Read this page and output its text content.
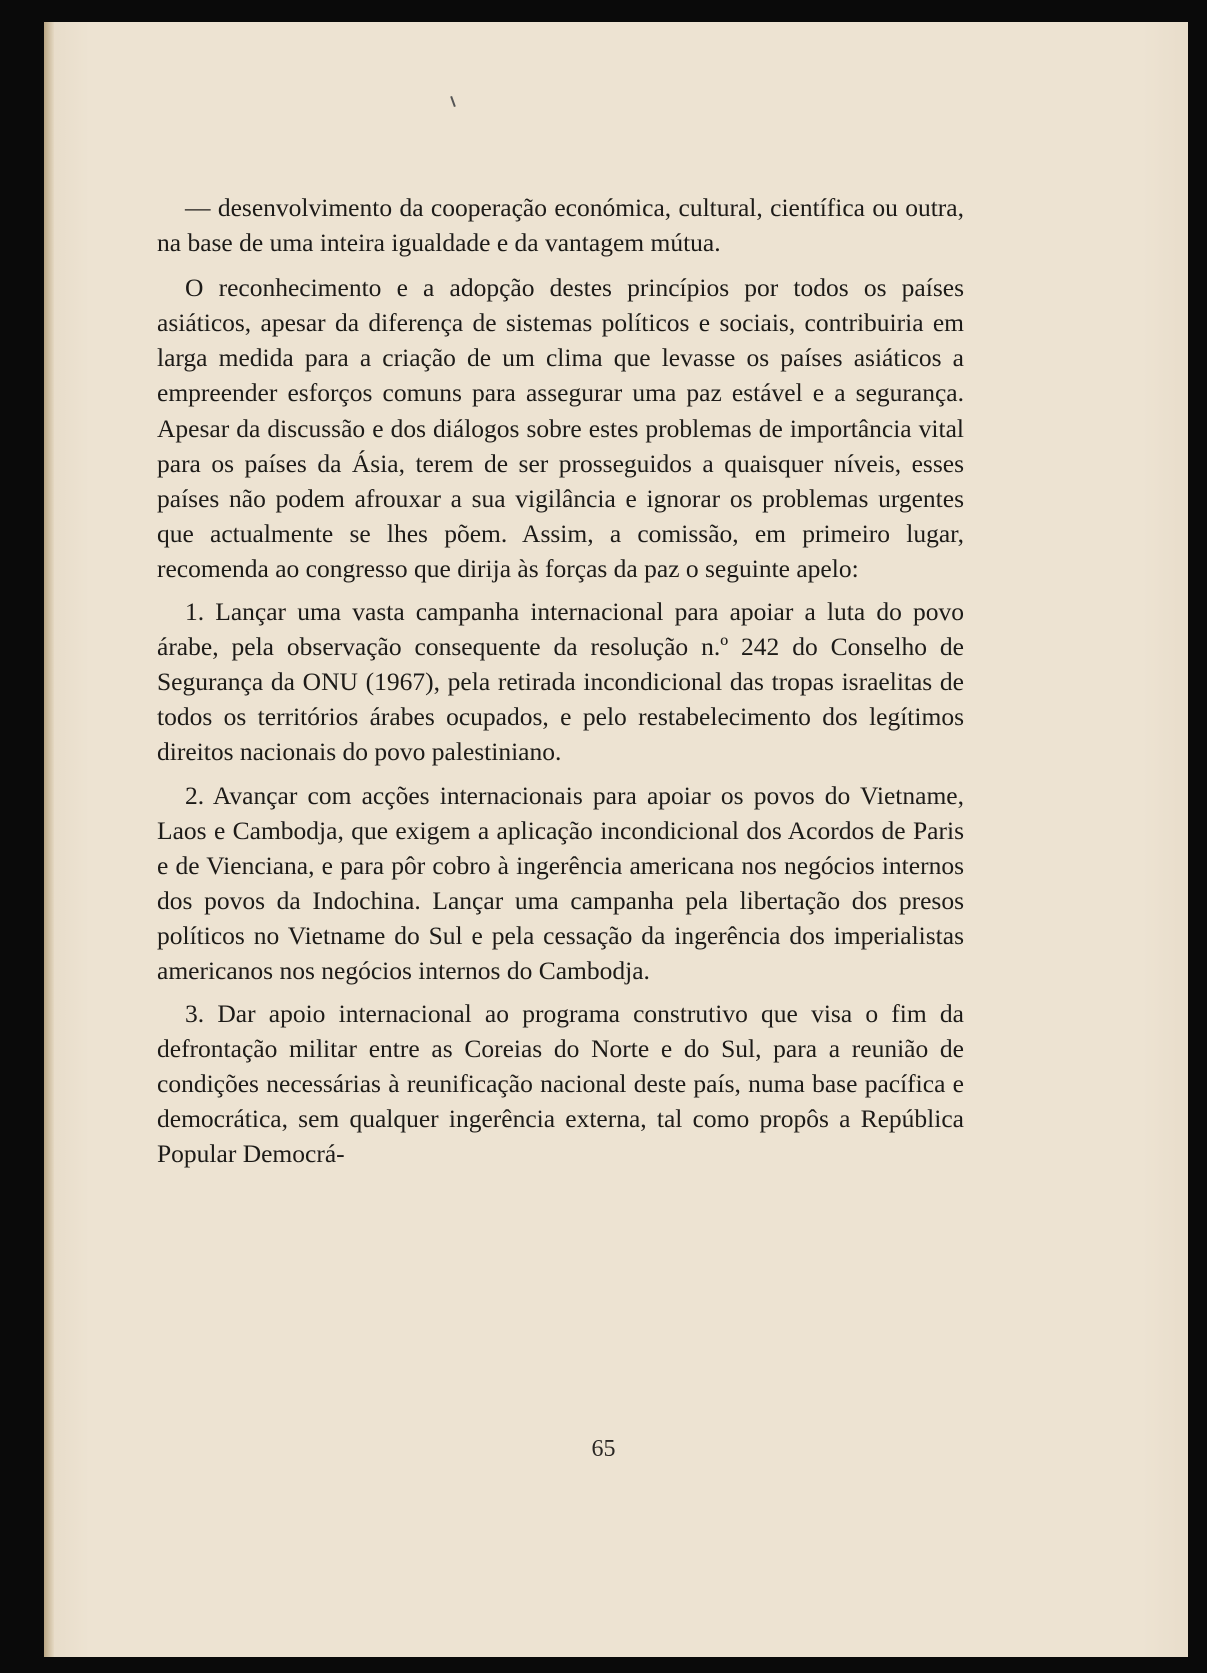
— desenvolvimento da cooperação económica, cultural, científica ou outra, na base de uma inteira igualdade e da vantagem mútua.

O reconhecimento e a adopção destes princípios por todos os países asiáticos, apesar da diferença de sistemas políticos e sociais, contribuiria em larga medida para a criação de um clima que levasse os países asiáticos a empreender esforços comuns para assegurar uma paz estável e a segurança. Apesar da discussão e dos diálogos sobre estes problemas de importância vital para os países da Ásia, terem de ser prosseguidos a quaisquer níveis, esses países não podem afrouxar a sua vigilância e ignorar os problemas urgentes que actualmente se lhes põem. Assim, a comissão, em primeiro lugar, recomenda ao congresso que dirija às forças da paz o seguinte apelo:

1. Lançar uma vasta campanha internacional para apoiar a luta do povo árabe, pela observação consequente da resolução n.º 242 do Conselho de Segurança da ONU (1967), pela retirada incondicional das tropas israelitas de todos os territórios árabes ocupados, e pelo restabelecimento dos legítimos direitos nacionais do povo palestiniano.

2. Avançar com acções internacionais para apoiar os povos do Vietname, Laos e Cambodja, que exigem a aplicação incondicional dos Acordos de Paris e de Vienciana, e para pôr cobro à ingerência americana nos negócios internos dos povos da Indochina. Lançar uma campanha pela libertação dos presos políticos no Vietname do Sul e pela cessação da ingerência dos imperialistas americanos nos negócios internos do Cambodja.

3. Dar apoio internacional ao programa construtivo que visa o fim da defrontação militar entre as Coreias do Norte e do Sul, para a reunião de condições necessárias à reunificação nacional deste país, numa base pacífica e democrática, sem qualquer ingerência externa, tal como propôs a República Popular Democrá-

65
